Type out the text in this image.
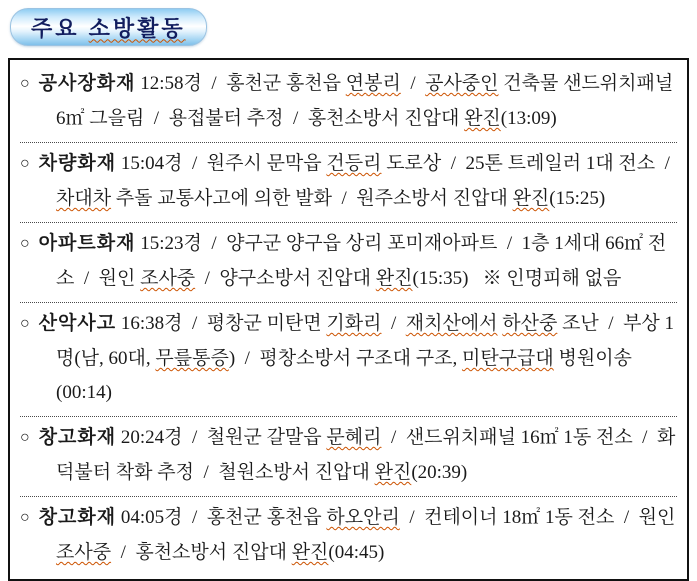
주요 소방활동

○ 공사장화재 12:58경  /  홍천군 홍천읍 연봉리  /  공사중인 건축물 샌드위치패널 6㎡ 그을림  /  용접불터 추정  /  홍천소방서 진압대 완진(13:09)

○ 차량화재 15:04경  /  원주시 문막읍 건등리 도로상  /  25톤 트레일러 1대 전소  /  차대차 추돌 교통사고에 의한 발화  /  원주소방서 진압대 완진(15:25)

○ 아파트화재 15:23경  /  양구군 양구읍 상리 포미재아파트  /  1층 1세대 66㎡ 전소  /  원인 조사중  /  양구소방서 진압대 완진(15:35)   ※ 인명피해 없음

○ 산악사고 16:38경  /  평창군 미탄면 기화리  /  재치산에서 하산중 조난  /  부상 1명(남, 60대, 무릎통증)  /  평창소방서 구조대 구조, 미탄구급대 병원이송(00:14)

○ 창고화재 20:24경  /  철원군 갈말읍 문혜리  /  샌드위치패널 16㎡ 1동 전소  /  화덕불터 착화 추정  /  철원소방서 진압대 완진(20:39)

○ 창고화재 04:05경  /  홍천군 홍천읍 하오안리  /  컨테이너 18㎡ 1동 전소  /  원인 조사중  /  홍천소방서 진압대 완진(04:45)
